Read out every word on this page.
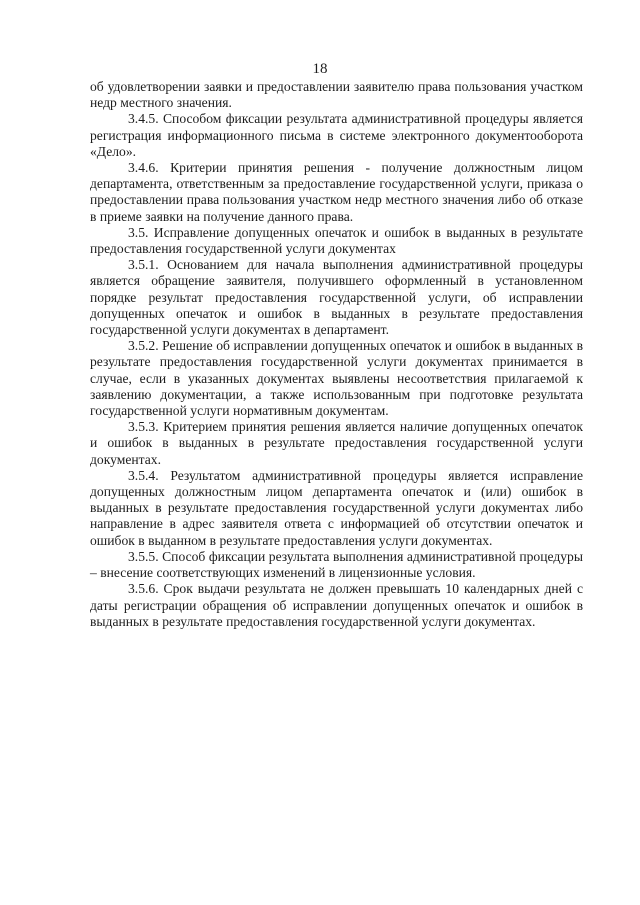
18

об удовлетворении заявки и предоставлении заявителю права пользования участком недр местного значения.

3.4.5. Способом фиксации результата административной процедуры является регистрация информационного письма в системе электронного документооборота «Дело».

3.4.6. Критерии принятия решения - получение должностным лицом департамента, ответственным за предоставление государственной услуги, приказа о предоставлении права пользования участком недр местного значения либо об отказе в приеме заявки на получение данного права.

3.5. Исправление допущенных опечаток и ошибок в выданных в результате предоставления государственной услуги документах

3.5.1. Основанием для начала выполнения административной процедуры является обращение заявителя, получившего оформленный в установленном порядке результат предоставления государственной услуги, об исправлении допущенных опечаток и ошибок в выданных в результате предоставления государственной услуги документах в департамент.

3.5.2. Решение об исправлении допущенных опечаток и ошибок в выданных в результате предоставления государственной услуги документах принимается в случае, если в указанных документах выявлены несоответствия прилагаемой к заявлению документации, а также использованным при подготовке результата государственной услуги нормативным документам.

3.5.3. Критерием принятия решения является наличие допущенных опечаток и ошибок в выданных в результате предоставления государственной услуги документах.

3.5.4. Результатом административной процедуры является исправление допущенных должностным лицом департамента опечаток и (или) ошибок в выданных в результате предоставления государственной услуги документах либо направление в адрес заявителя ответа с информацией об отсутствии опечаток и ошибок в выданном в результате предоставления услуги документах.

3.5.5. Способ фиксации результата выполнения административной процедуры – внесение соответствующих изменений в лицензионные условия.

3.5.6. Срок выдачи результата не должен превышать 10 календарных дней с даты регистрации обращения об исправлении допущенных опечаток и ошибок в выданных в результате предоставления государственной услуги документах.
